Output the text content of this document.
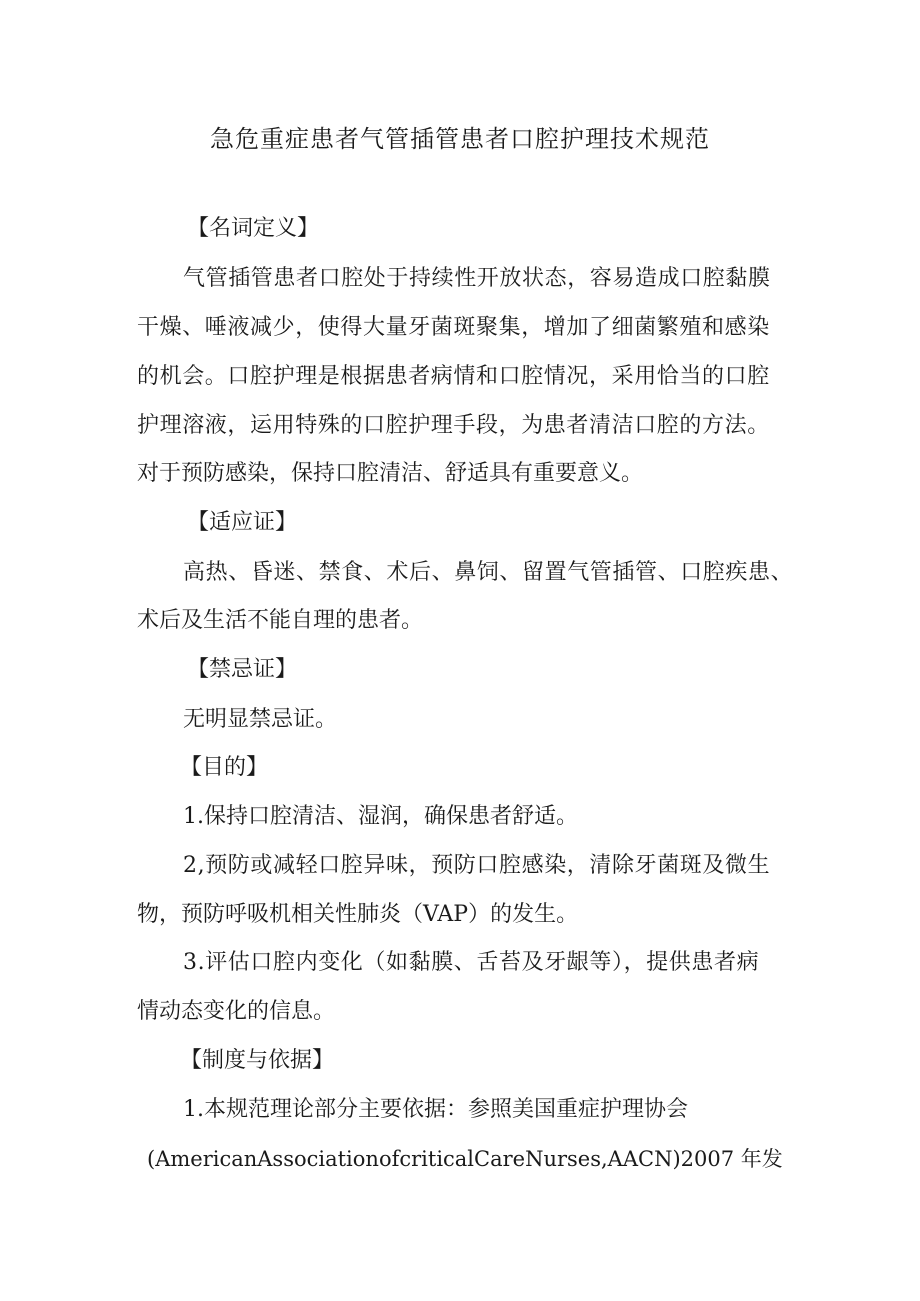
急危重症患者气管插管患者口腔护理技术规范
【名词定义】
气管插管患者口腔处于持续性开放状态，容易造成口腔黏膜
干燥、唾液减少，使得大量牙菌斑聚集，增加了细菌繁殖和感染
的机会。口腔护理是根据患者病情和口腔情况，采用恰当的口腔
护理溶液，运用特殊的口腔护理手段，为患者清洁口腔的方法。
对于预防感染，保持口腔清洁、舒适具有重要意义。
【适应证】
高热、昏迷、禁食、术后、鼻饲、留置气管插管、口腔疾患、
术后及生活不能自理的患者。
【禁忌证】
无明显禁忌证。
【目的】
1.保持口腔清洁、湿润，确保患者舒适。
2,预防或减轻口腔异味，预防口腔感染，清除牙菌斑及微生
物，预防呼吸机相关性肺炎（VAP）的发生。
3.评估口腔内变化（如黏膜、舌苔及牙龈等），提供患者病
情动态变化的信息。
【制度与依据】
1.本规范理论部分主要依据：参照美国重症护理协会
(AmericanAssociationofcriticalCareNurses,AACN)2007 年发
